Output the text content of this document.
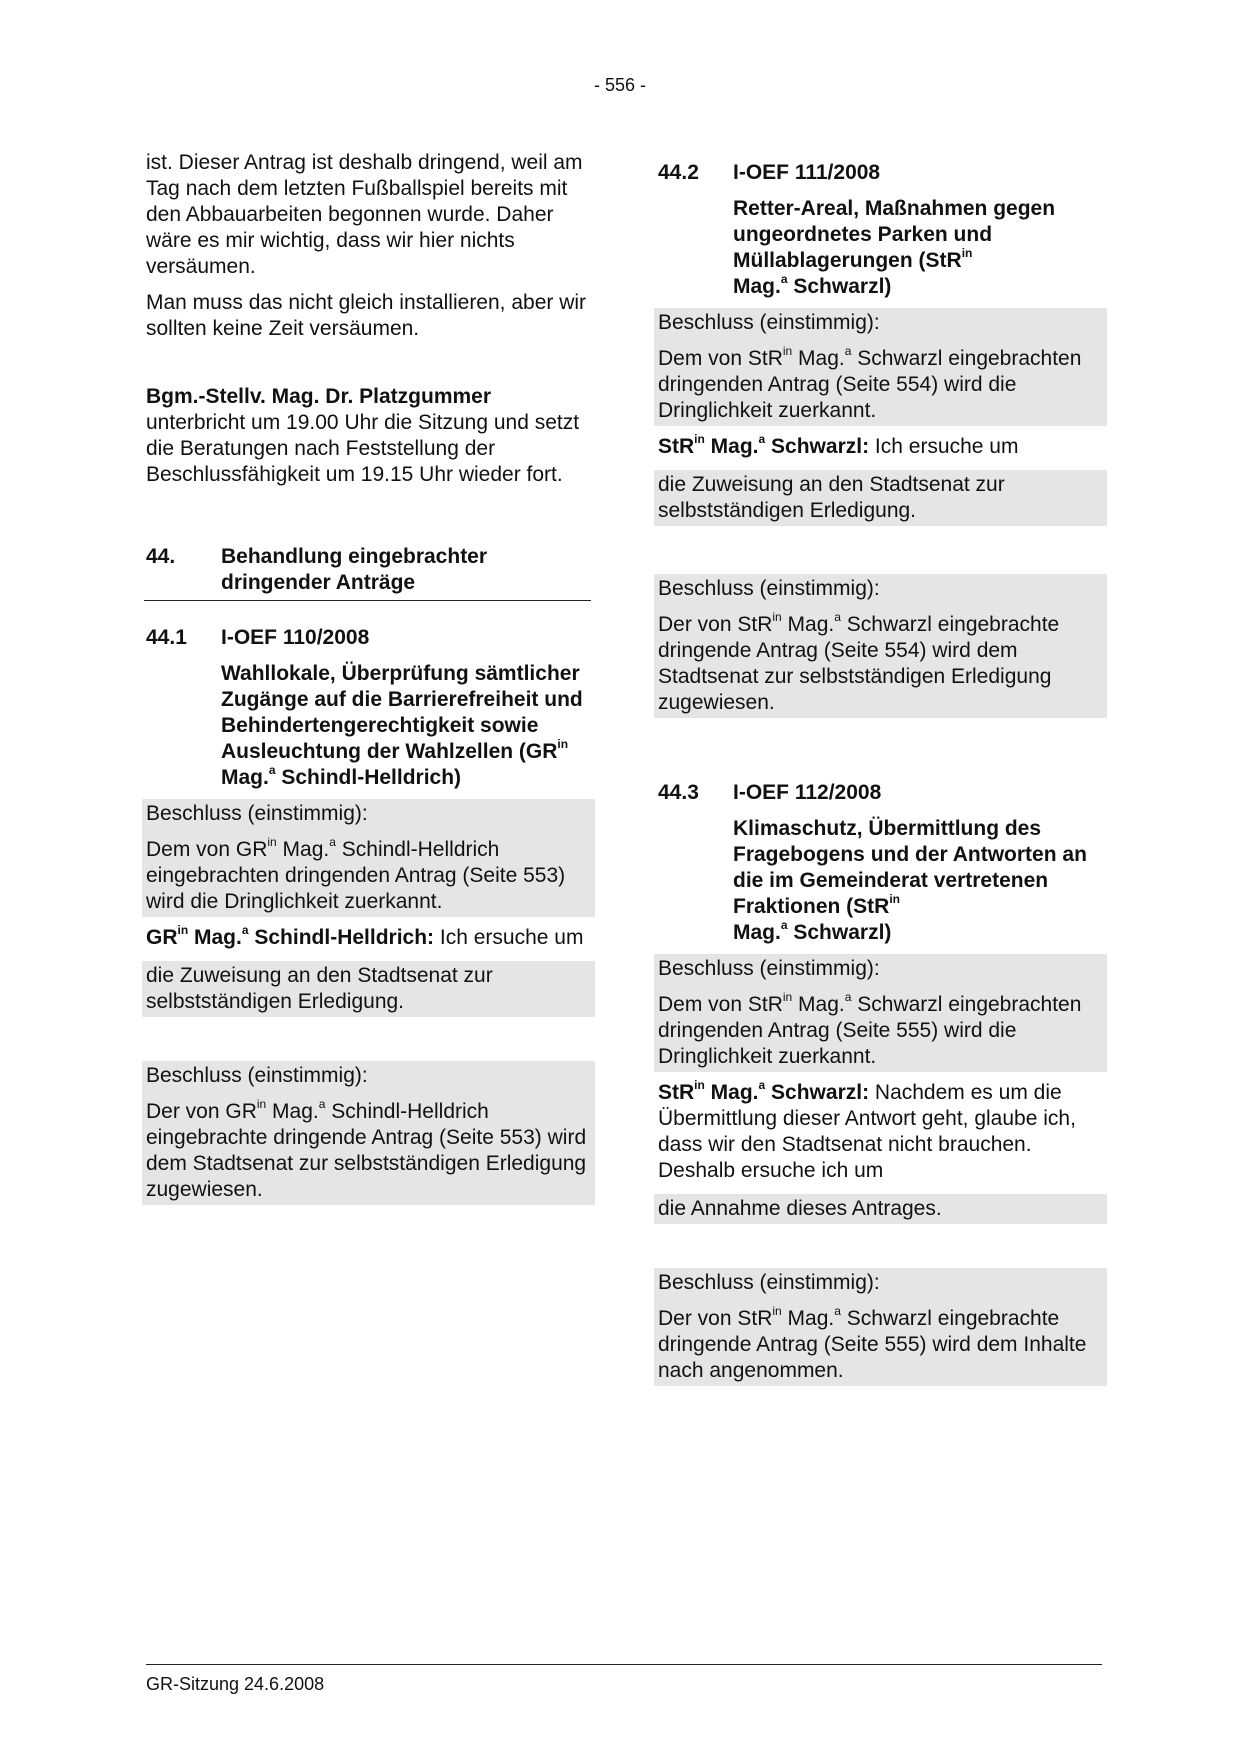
- 556 -

ist. Dieser Antrag ist deshalb dringend, weil am Tag nach dem letzten Fußballspiel bereits mit den Abbauarbeiten begonnen wurde. Daher wäre es mir wichtig, dass wir hier nichts versäumen.

Man muss das nicht gleich installieren, aber wir sollten keine Zeit versäumen.

Bgm.-Stellv. Mag. Dr. Platzgummer unterbricht um 19.00 Uhr die Sitzung und setzt die Beratungen nach Feststellung der Beschlussfähigkeit um 19.15 Uhr wieder fort.

44.	Behandlung eingebrachter dringender Anträge
44.1	I-OEF 110/2008

Wahllokale, Überprüfung sämtlicher Zugänge auf die Barrierefreiheit und Behindertengerechtigkeit sowie Ausleuchtung der Wahlzellen ($GR^{in}$ Mag.$^a$ Schindl-Helldrich)

Beschluss (einstimmig):

Dem von $GR^{in}$ Mag.$^a$ Schindl-Helldrich eingebrachten dringenden Antrag (Seite 553) wird die Dringlichkeit zuerkannt.

$GR^{in}$ Mag.$^a$ Schindl-Helldrich: Ich ersuche um

die Zuweisung an den Stadtsenat zur selbstständigen Erledigung.

Beschluss (einstimmig):

Der von $GR^{in}$ Mag.$^a$ Schindl-Helldrich eingebrachte dringende Antrag (Seite 553) wird dem Stadtsenat zur selbstständigen Erledigung zugewiesen.

44.2	I-OEF 111/2008

Retter-Areal, Maßnahmen gegen ungeordnetes Parken und Müllablagerungen (StR$^{in}$
Mag.$^a$ Schwarzl)

Beschluss (einstimmig):

Dem von StR$^{in}$ Mag.$^a$ Schwarzl eingebrachten dringenden Antrag (Seite 554) wird die Dringlichkeit zuerkannt.

StR$^{in}$ Mag.$^a$ Schwarzl: Ich ersuche um

die Zuweisung an den Stadtsenat zur selbstständigen Erledigung.

Beschluss (einstimmig):

Der von StR$^{in}$ Mag.$^a$ Schwarzl eingebrachte dringende Antrag (Seite 554) wird dem Stadtsenat zur selbstständigen Erledigung zugewiesen.

44.3	I-OEF 112/2008

Klimaschutz, Übermittlung des Fragebogens und der Antworten an die im Gemeinderat vertretenen Fraktionen (StR$^{in}$
Mag.$^a$ Schwarzl)

Beschluss (einstimmig):

Dem von StR$^{in}$ Mag.$^a$ Schwarzl eingebrachten dringenden Antrag (Seite 555) wird die Dringlichkeit zuerkannt.

StR$^{in}$ Mag.$^a$ Schwarzl: Nachdem es um die Übermittlung dieser Antwort geht, glaube ich, dass wir den Stadtsenat nicht brauchen. Deshalb ersuche ich um

die Annahme dieses Antrages.

Beschluss (einstimmig):

Der von StR$^{in}$ Mag.$^a$ Schwarzl eingebrachte dringende Antrag (Seite 555) wird dem Inhalte nach angenommen.

GR-Sitzung 24.6.2008
